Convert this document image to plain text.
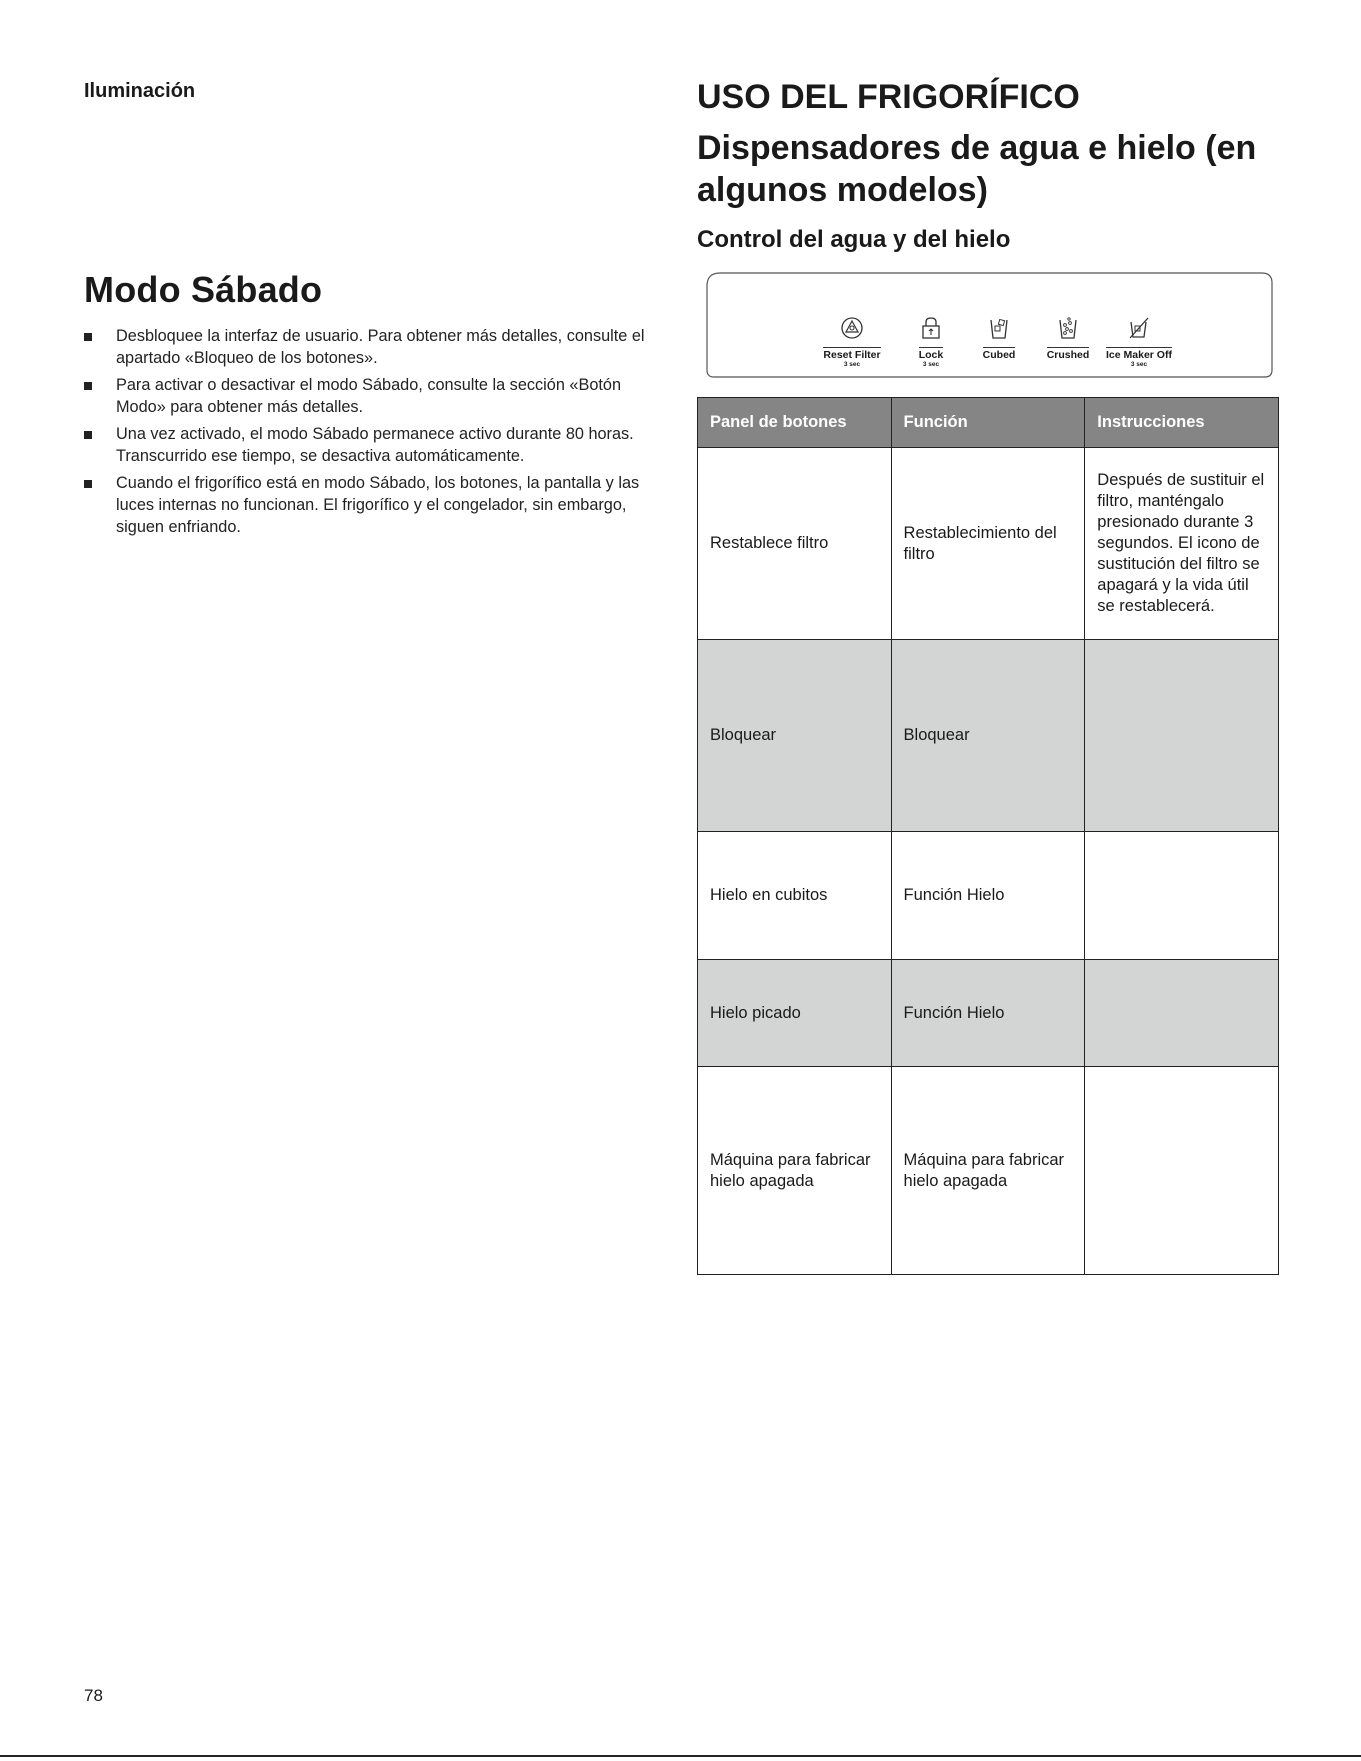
Iluminación
Modo Sábado
Desbloquee la interfaz de usuario. Para obtener más detalles, consulte el apartado «Bloqueo de los botones».
Para activar o desactivar el modo Sábado, consulte la sección «Botón Modo» para obtener más detalles.
Una vez activado, el modo Sábado permanece activo durante 80 horas. Transcurrido ese tiempo, se desactiva automáticamente.
Cuando el frigorífico está en modo Sábado, los botones, la pantalla y las luces internas no funcionan. El frigorífico y el congelador, sin embargo, siguen enfriando.
USO DEL FRIGORÍFICO
Dispensadores de agua e hielo (en algunos modelos)
Control del agua y del hielo
Reset Filter
3 sec
Lock
3 sec
Cubed	Crushed	Ice Maker Off
3 sec
Panel de botones	Función	Instrucciones
Restablece filtro	Restablecimiento del filtro	Después de sustituir el filtro, manténgalo presionado durante 3 segundos. El icono de sustitución del filtro se apagará y la vida útil se restablecerá.
Bloquear	Bloquear	
Hielo en cubitos	Función Hielo	
Hielo picado	Función Hielo	
Máquina para fabricar hielo apagada	Máquina para fabricar hielo apagada	
78
